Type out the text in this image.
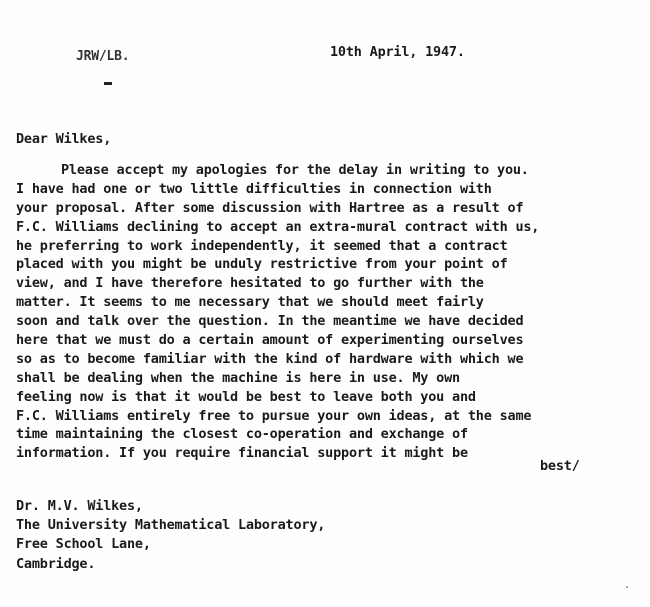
JRW/LB.	10th April, 1947.
Dear Wilkes,
Please accept my apologies for the delay in writing to you.
I have had one or two little difficulties in connection with
your proposal. After some discussion with Hartree as a result of
F.C. Williams declining to accept an extra-mural contract with us,
he preferring to work independently, it seemed that a contract
placed with you might be unduly restrictive from your point of
view, and I have therefore hesitated to go further with the
matter. It seems to me necessary that we should meet fairly
soon and talk over the question. In the meantime we have decided
here that we must do a certain amount of experimenting ourselves
so as to become familiar with the kind of hardware with which we
shall be dealing when the machine is here in use. My own
feeling now is that it would be best to leave both you and
F.C. Williams entirely free to pursue your own ideas, at the same
time maintaining the closest co-operation and exchange of
information. If you require financial support it might be
best/
Dr. M.V. Wilkes,
The University Mathematical Laboratory,
Free School Lane,
Cambridge.
